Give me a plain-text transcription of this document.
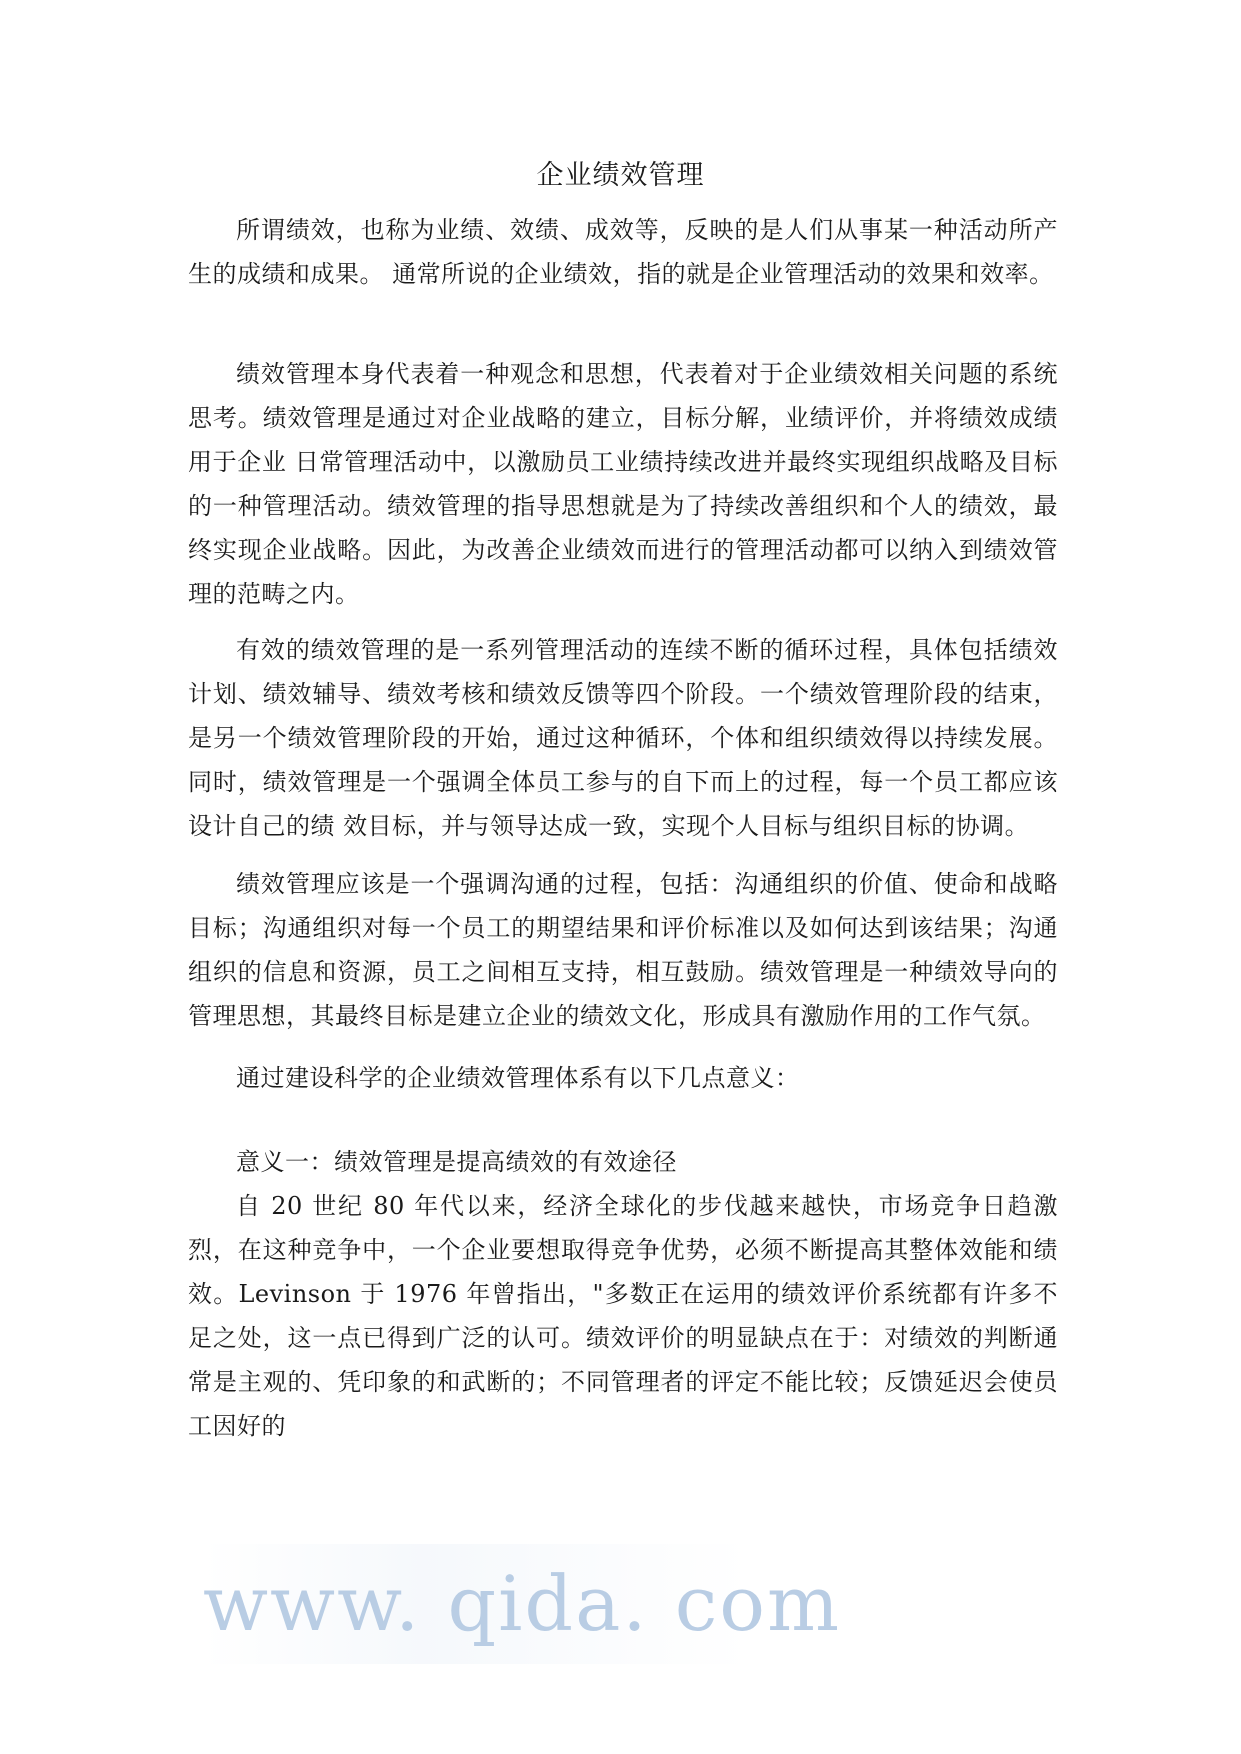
企业绩效管理

所谓绩效，也称为业绩、效绩、成效等，反映的是人们从事某一种活动所产生的成绩和成果。 通常所说的企业绩效，指的就是企业管理活动的效果和效率。

绩效管理本身代表着一种观念和思想，代表着对于企业绩效相关问题的系统思考。绩效管理是通过对企业战略的建立，目标分解，业绩评价，并将绩效成绩用于企业 日常管理活动中，以激励员工业绩持续改进并最终实现组织战略及目标的一种管理活动。绩效管理的指导思想就是为了持续改善组织和个人的绩效，最终实现企业战略。因此，为改善企业绩效而进行的管理活动都可以纳入到绩效管理的范畴之内。

有效的绩效管理的是一系列管理活动的连续不断的循环过程，具体包括绩效计划、绩效辅导、绩效考核和绩效反馈等四个阶段。一个绩效管理阶段的结束，是另一个绩效管理阶段的开始，通过这种循环，个体和组织绩效得以持续发展。同时，绩效管理是一个强调全体员工参与的自下而上的过程，每一个员工都应该设计自己的绩 效目标，并与领导达成一致，实现个人目标与组织目标的协调。

绩效管理应该是一个强调沟通的过程，包括：沟通组织的价值、使命和战略目标；沟通组织对每一个员工的期望结果和评价标准以及如何达到该结果；沟通组织的信息和资源，员工之间相互支持，相互鼓励。绩效管理是一种绩效导向的管理思想，其最终目标是建立企业的绩效文化，形成具有激励作用的工作气氛。

通过建设科学的企业绩效管理体系有以下几点意义：

意义一：绩效管理是提高绩效的有效途径

自 20 世纪 80 年代以来，经济全球化的步伐越来越快，市场竞争日趋激烈，在这种竞争中，一个企业要想取得竞争优势，必须不断提高其整体效能和绩效。Levinson 于 1976 年曾指出，"多数正在运用的绩效评价系统都有许多不足之处，这一点已得到广泛的认可。绩效评价的明显缺点在于：对绩效的判断通常是主观的、凭印象的和武断的；不同管理者的评定不能比较；反馈延迟会使员工因好的

www. qida. com
